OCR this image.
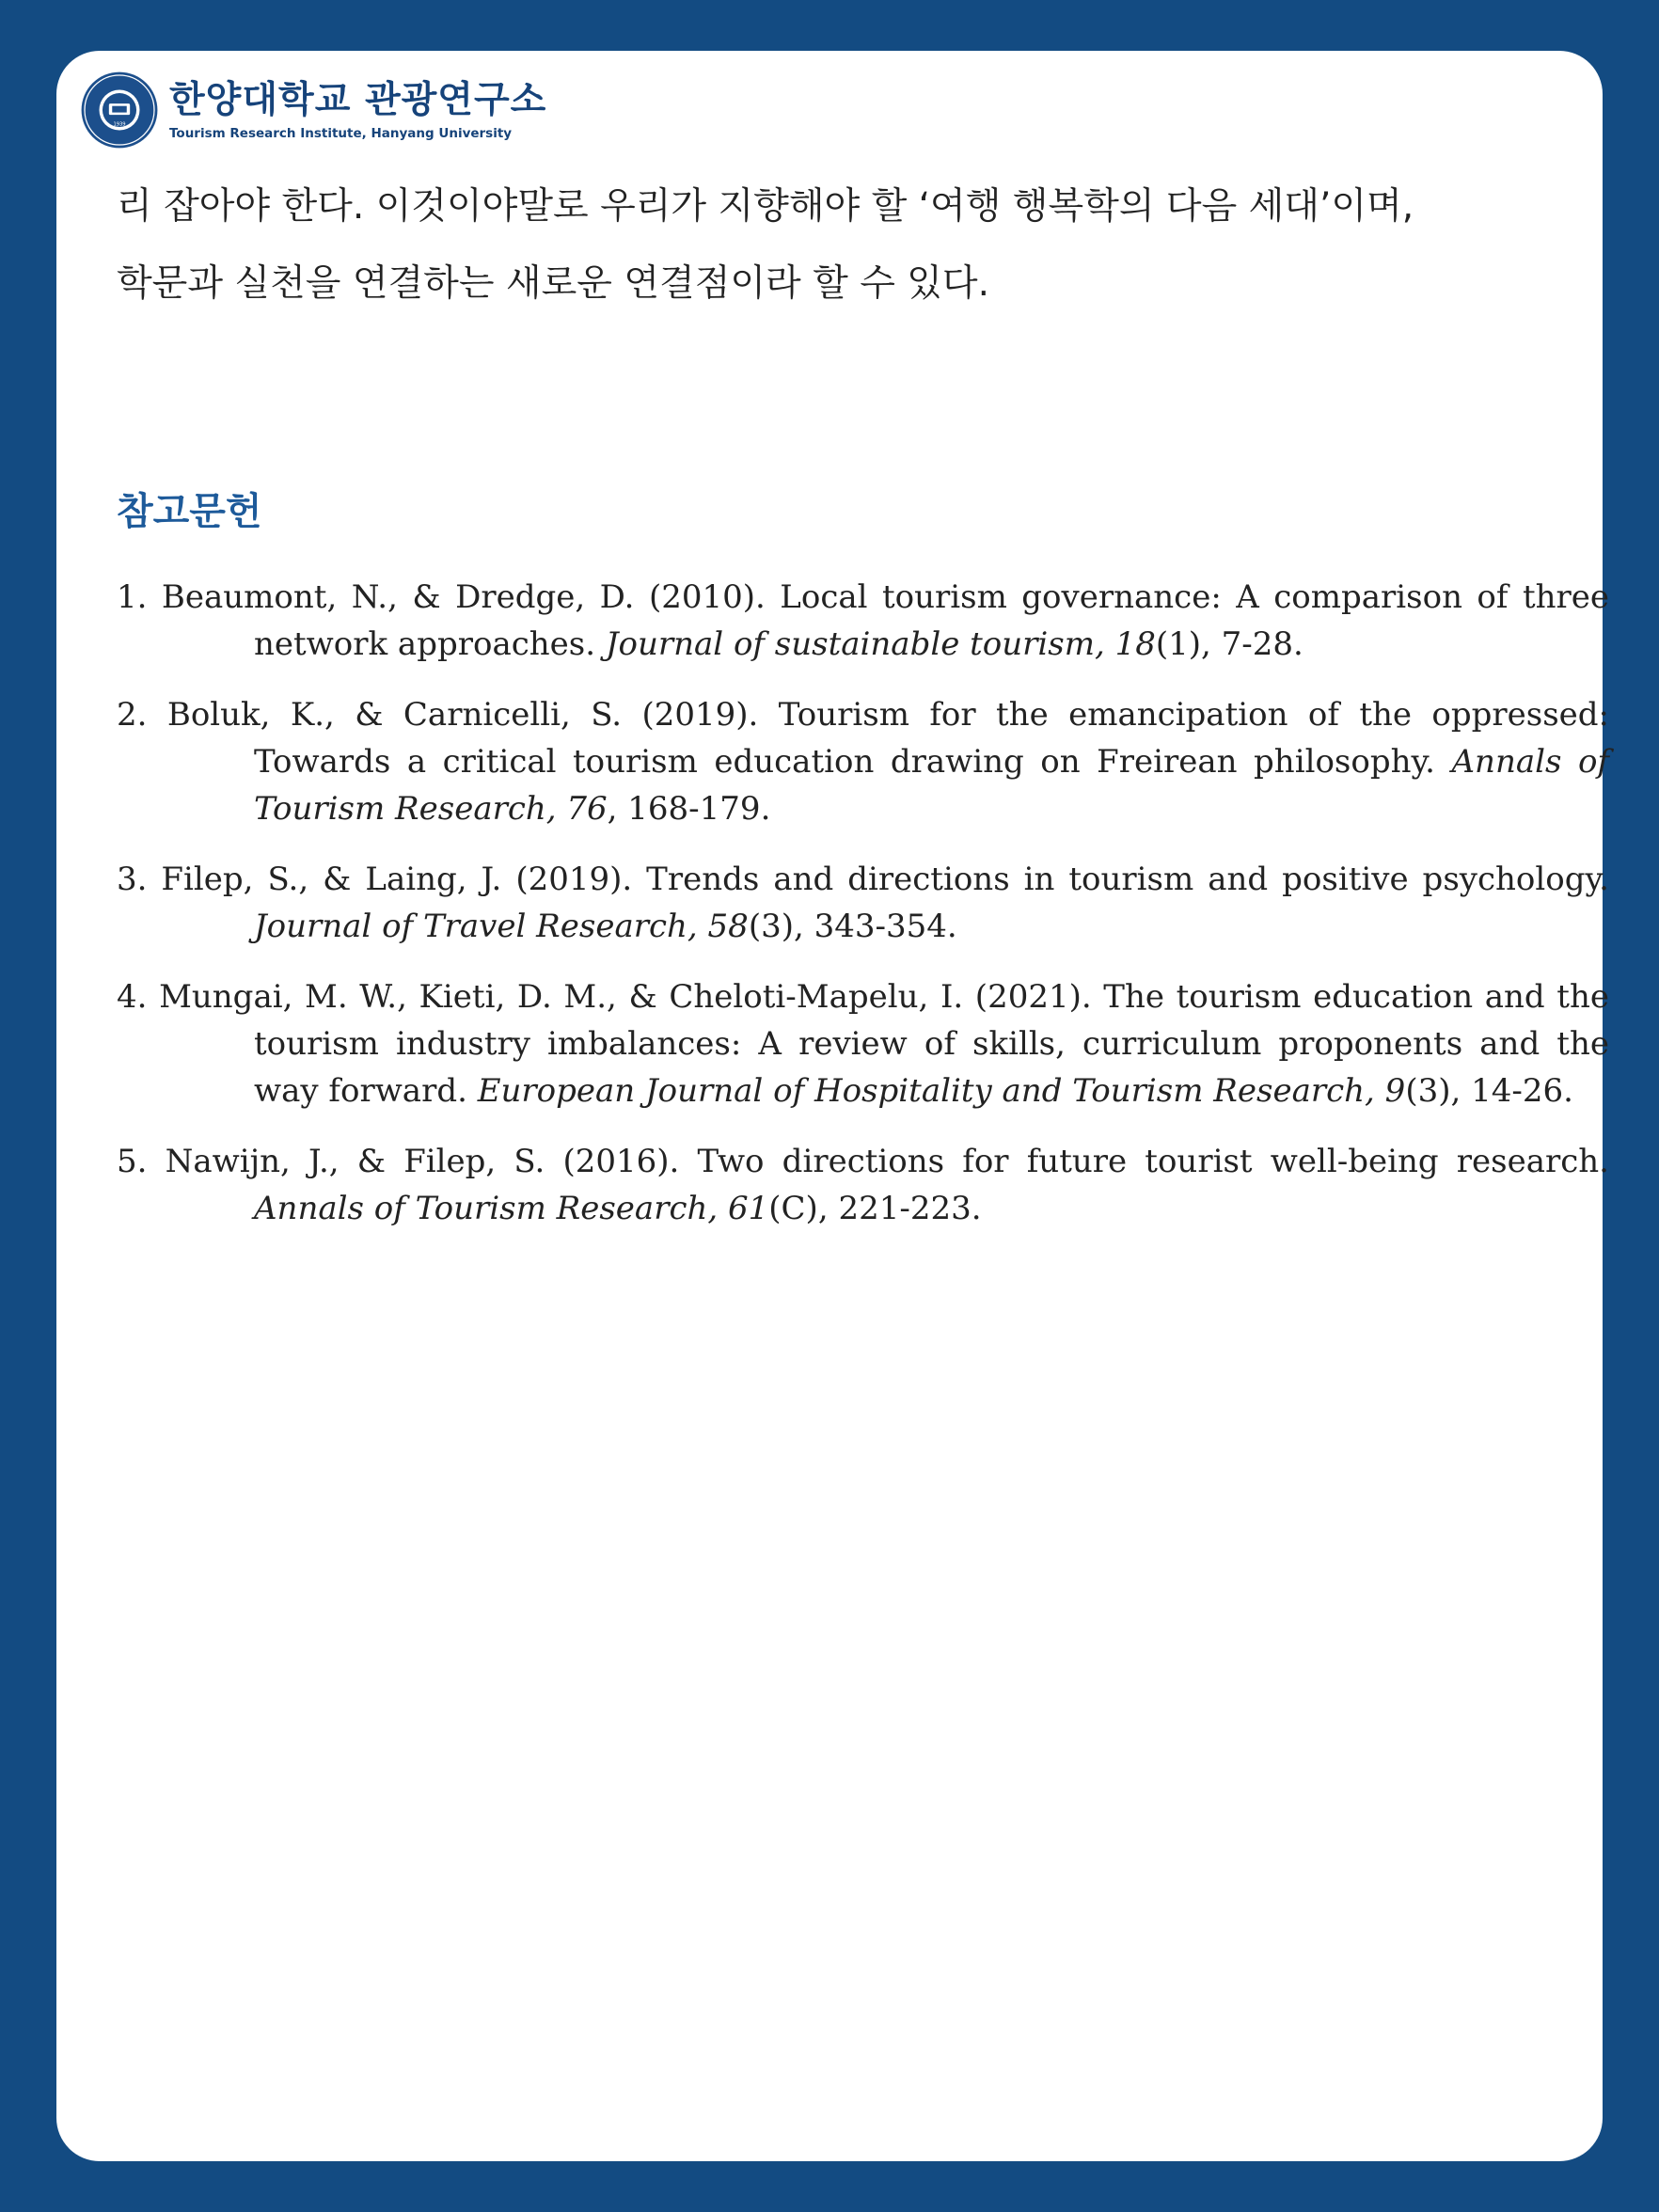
HANYANG UNIVERSITY
1939
한양대학교 관광연구소
Tourism Research Institute, Hanyang University

리 잡아야 한다. 이것이야말로 우리가 지향해야 할 ‘여행 행복학의 다음 세대’이며,
학문과 실천을 연결하는 새로운 연결점이라 할 수 있다.

참고문헌
1. Beaumont, N., & Dredge, D. (2010). Local tourism governance: A comparison of three network approaches. Journal of sustainable tourism, 18(1), 7-28.
2. Boluk, K., & Carnicelli, S. (2019). Tourism for the emancipation of the oppressed: Towards a critical tourism education drawing on Freirean philosophy. Annals of Tourism Research, 76, 168-179.
3. Filep, S., & Laing, J. (2019). Trends and directions in tourism and positive psychology. Journal of Travel Research, 58(3), 343-354.
4. Mungai, M. W., Kieti, D. M., & Cheloti-Mapelu, I. (2021). The tourism education and the tourism industry imbalances: A review of skills, curriculum proponents and the way forward. European Journal of Hospitality and Tourism Research, 9(3), 14-26.
5. Nawijn, J., & Filep, S. (2016). Two directions for future tourist well-being research. Annals of Tourism Research, 61(C), 221-223.
